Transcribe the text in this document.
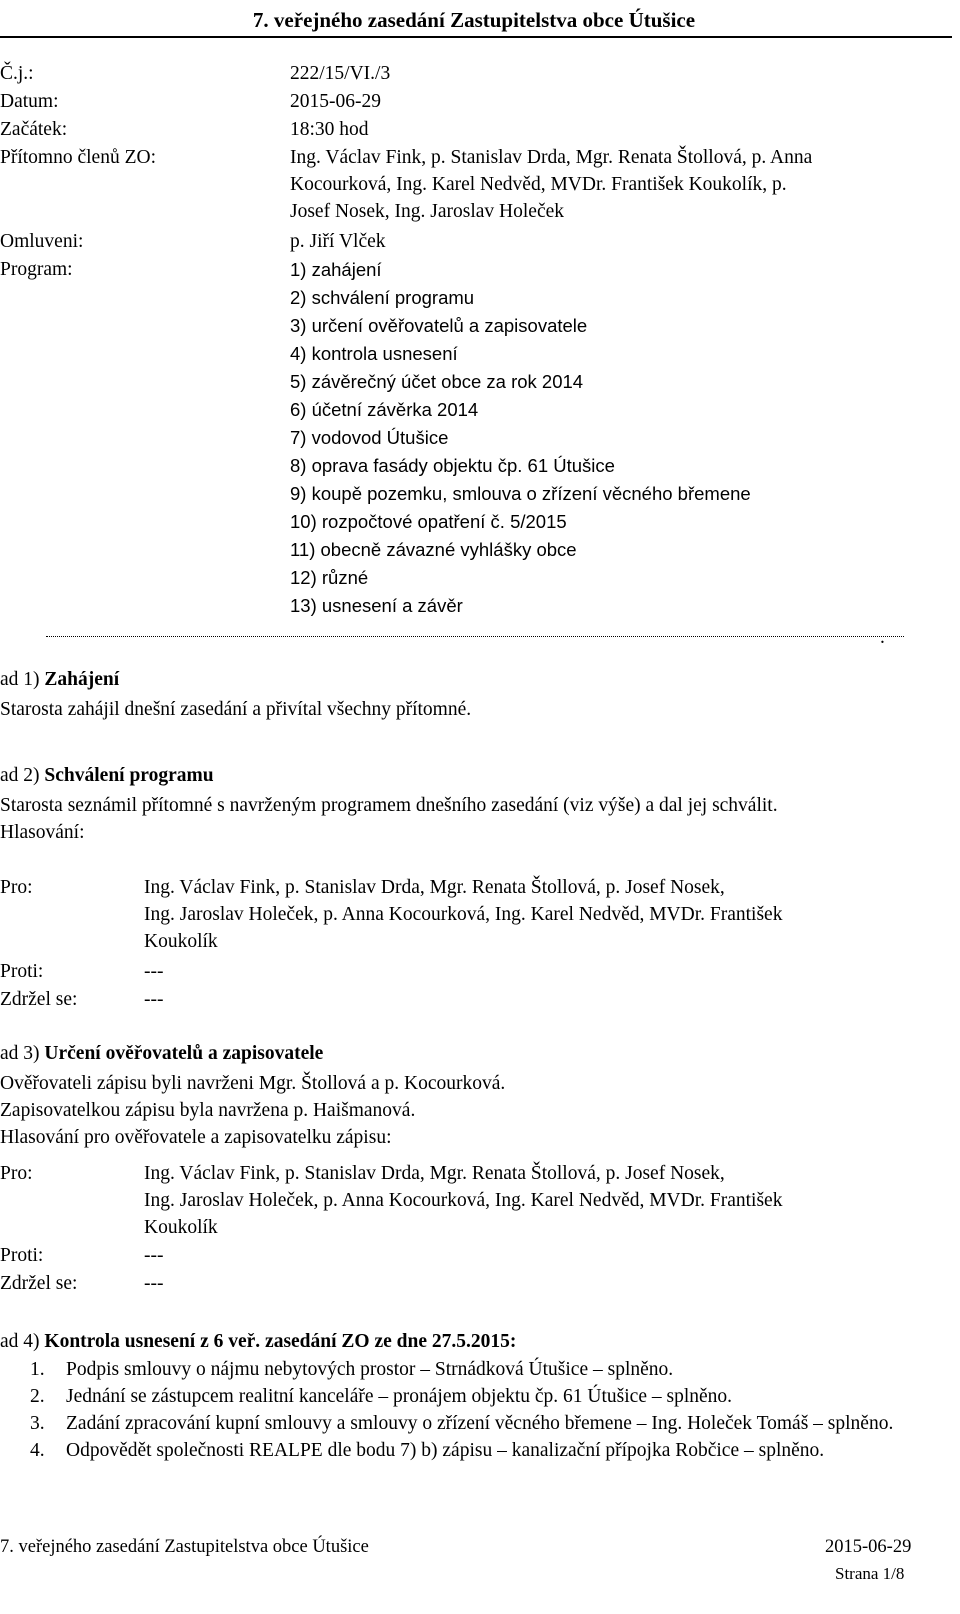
7. veřejného zasedání Zastupitelstva obce Útušice
Č.j.:	222/15/VI./3
Datum:	2015-06-29
Začátek:	18:30 hod
Přítomno členů ZO:	Ing. Václav Fink, p. Stanislav Drda, Mgr. Renata Štollová, p. Anna
Kocourková, Ing. Karel Nedvěd, MVDr. František Koukolík, p.
Josef Nosek, Ing. Jaroslav Holeček
Omluveni:	p. Jiří Vlček
Program:	1) zahájení
2) schválení programu
3) určení ověřovatelů a zapisovatele
4) kontrola usnesení
5) závěrečný účet obce za rok 2014
6) účetní závěrka 2014
7) vodovod Útušice
8) oprava fasády objektu čp. 61 Útušice
9) koupě pozemku, smlouva o zřízení věcného břemene
10) rozpočtové opatření č. 5/2015
11) obecně závazné vyhlášky obce
12) různé
13) usnesení a závěr
.
ad 1) Zahájení
Starosta zahájil dnešní zasedání a přivítal všechny přítomné.
ad 2) Schválení programu
Starosta seznámil přítomné s navrženým programem dnešního zasedání (viz výše) a dal jej schválit.
Hlasování:
Pro:	Ing. Václav Fink, p. Stanislav Drda, Mgr. Renata Štollová, p. Josef Nosek,
Ing. Jaroslav Holeček, p. Anna Kocourková, Ing. Karel Nedvěd, MVDr. František
Koukolík
Proti:	---
Zdržel se:	---
ad 3) Určení ověřovatelů a zapisovatele
Ověřovateli zápisu byli navrženi Mgr. Štollová a p. Kocourková.
Zapisovatelkou zápisu byla navržena p. Haišmanová.
Hlasování pro ověřovatele a zapisovatelku zápisu:
Pro:	Ing. Václav Fink, p. Stanislav Drda, Mgr. Renata Štollová, p. Josef Nosek,
Ing. Jaroslav Holeček, p. Anna Kocourková, Ing. Karel Nedvěd, MVDr. František
Koukolík
Proti:	---
Zdržel se:	---
ad 4) Kontrola usnesení z 6 veř. zasedání ZO ze dne 27.5.2015:
1. Podpis smlouvy o nájmu nebytových prostor – Strnádková Útušice – splněno.
2. Jednání se zástupcem realitní kanceláře – pronájem objektu čp. 61 Útušice – splněno.
3. Zadání zpracování kupní smlouvy a smlouvy o zřízení věcného břemene – Ing. Holeček Tomáš – splněno.
4. Odpovědět společnosti REALPE dle bodu 7) b) zápisu – kanalizační přípojka Robčice – splněno.
7. veřejného zasedání Zastupitelstva obce Útušice	2015-06-29
Strana 1/8
